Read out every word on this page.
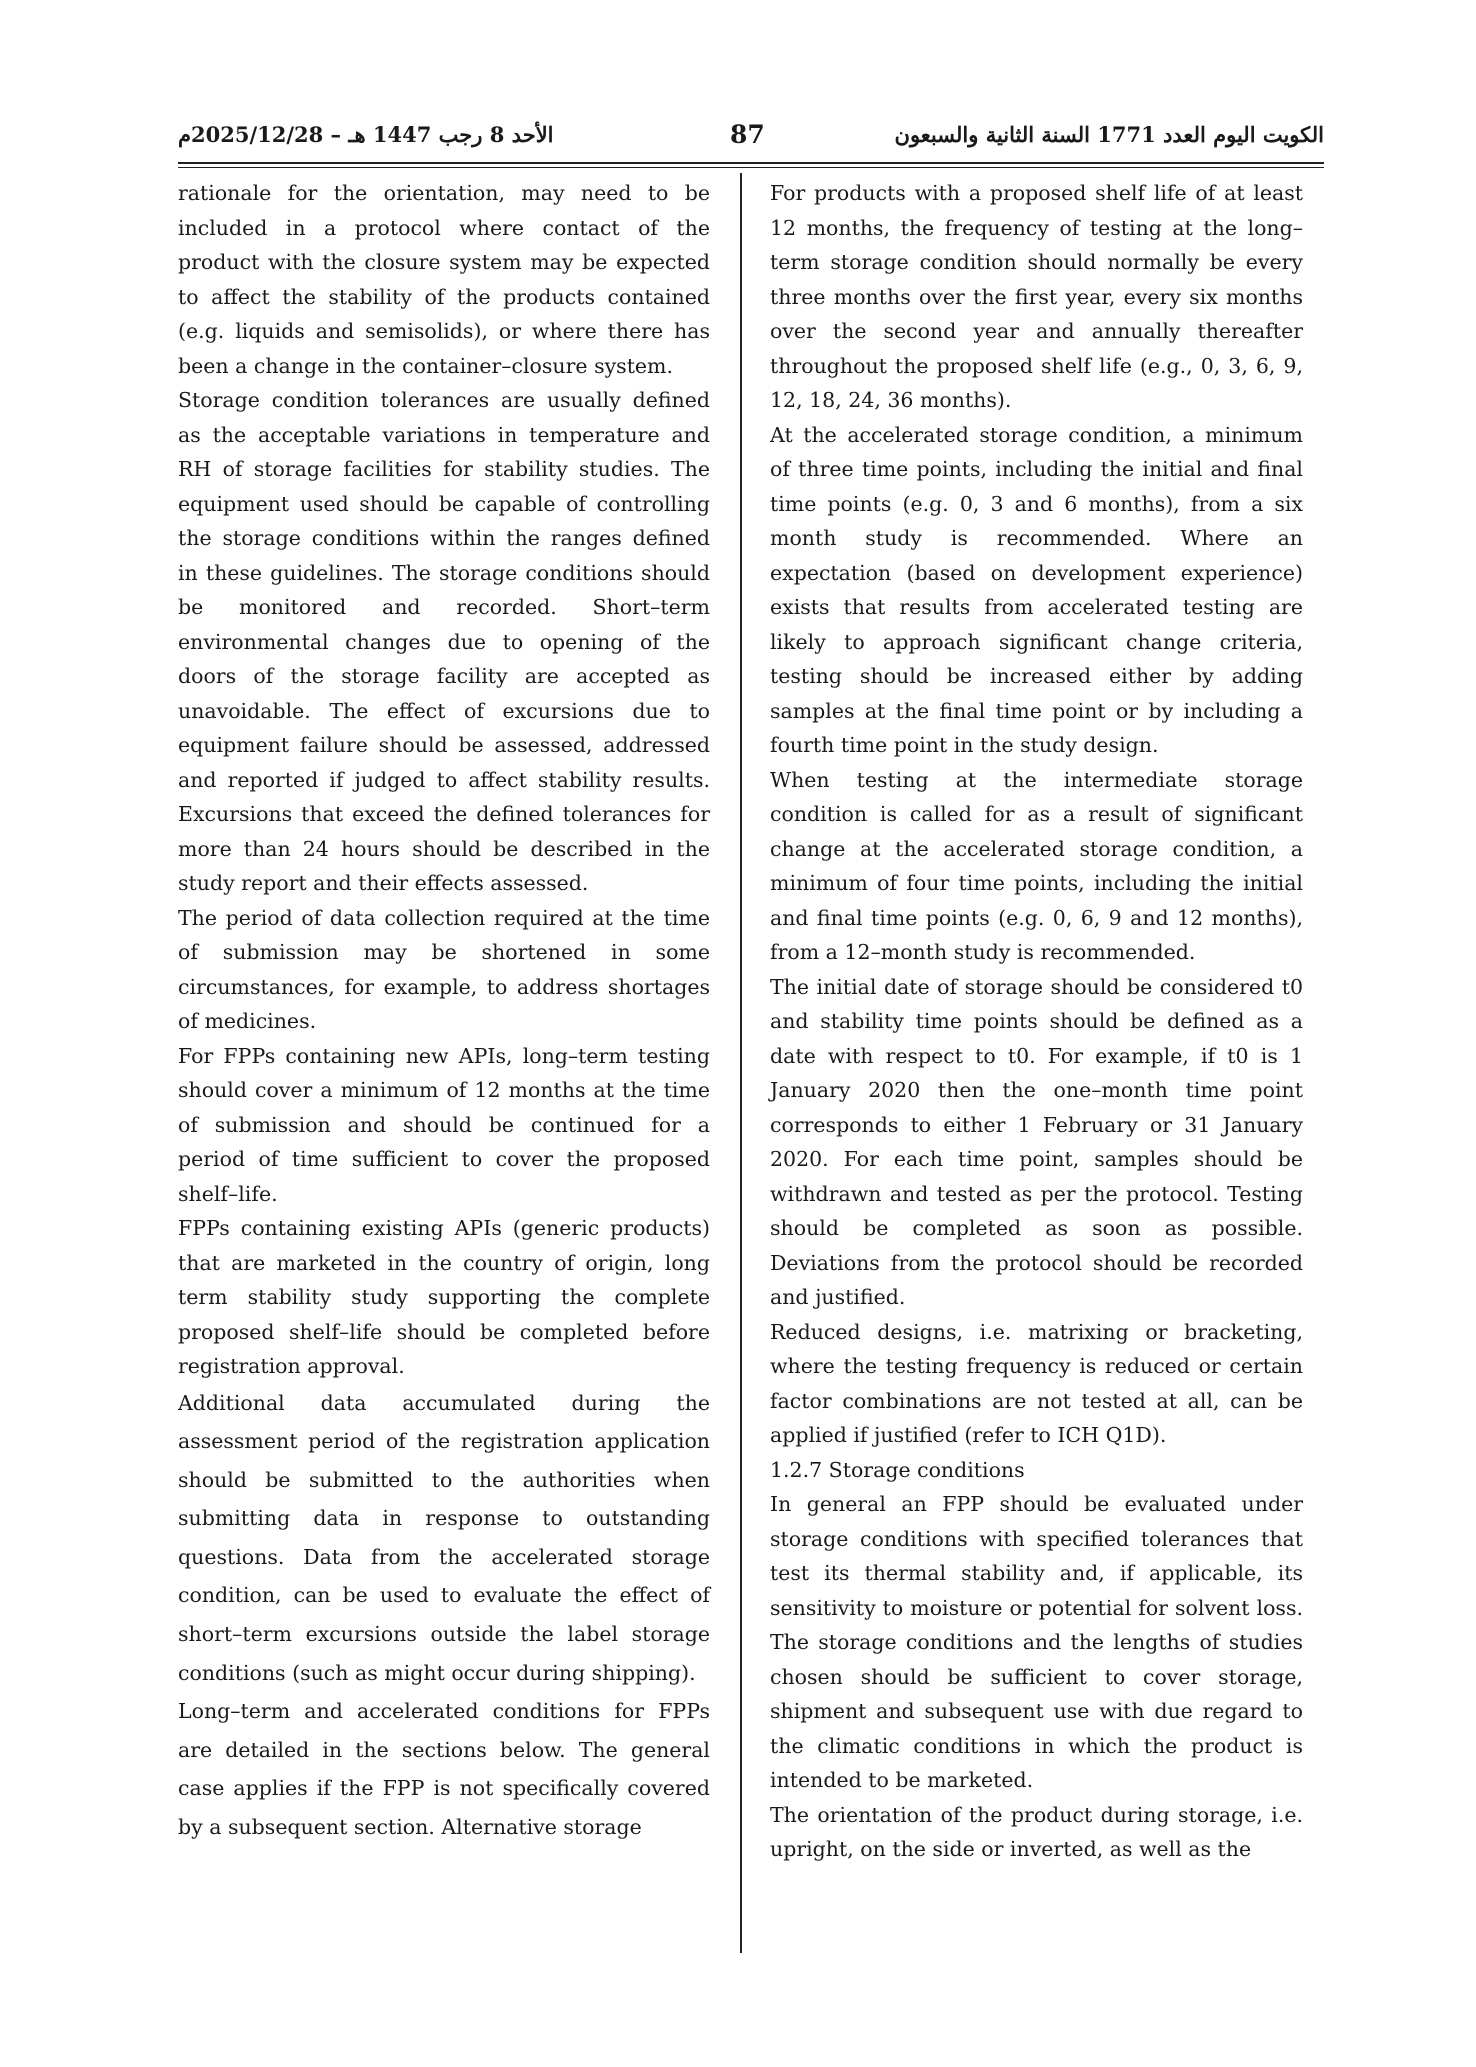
الأحد 8 رجب 1447 هـ – 2025/12/28م	87	الكويت اليوم العدد 1771 السنة الثانية والسبعون

rationale for the orientation, may need to be included in a protocol where contact of the product with the closure system may be expected to affect the stability of the products contained (e.g. liquids and semisolids), or where there has been a change in the container–closure system.

Storage condition tolerances are usually defined as the acceptable variations in temperature and RH of storage facilities for stability studies. The equipment used should be capable of controlling the storage conditions within the ranges defined in these guidelines. The storage conditions should be monitored and recorded. Short–term environmental changes due to opening of the doors of the storage facility are accepted as unavoidable. The effect of excursions due to equipment failure should be assessed, addressed and reported if judged to affect stability results. Excursions that exceed the defined tolerances for more than 24 hours should be described in the study report and their effects assessed.

The period of data collection required at the time of submission may be shortened in some circumstances, for example, to address shortages of medicines.

For FPPs containing new APIs, long–term testing should cover a minimum of 12 months at the time of submission and should be continued for a period of time sufficient to cover the proposed shelf–life.

FPPs containing existing APIs (generic products) that are marketed in the country of origin, long term stability study supporting the complete proposed shelf–life should be completed before registration approval.

Additional data accumulated during the assessment period of the registration application should be submitted to the authorities when submitting data in response to outstanding questions. Data from the accelerated storage condition, can be used to evaluate the effect of short–term excursions outside the label storage conditions (such as might occur during shipping).

Long–term and accelerated conditions for FPPs are detailed in the sections below. The general case applies if the FPP is not specifically covered by a subsequent section. Alternative storage

For products with a proposed shelf life of at least 12 months, the frequency of testing at the long–term storage condition should normally be every three months over the first year, every six months over the second year and annually thereafter throughout the proposed shelf life (e.g., 0, 3, 6, 9, 12, 18, 24, 36 months).

At the accelerated storage condition, a minimum of three time points, including the initial and final time points (e.g. 0, 3 and 6 months), from a six month study is recommended. Where an expectation (based on development experience) exists that results from accelerated testing are likely to approach significant change criteria, testing should be increased either by adding samples at the final time point or by including a fourth time point in the study design.

When testing at the intermediate storage condition is called for as a result of significant change at the accelerated storage condition, a minimum of four time points, including the initial and final time points (e.g. 0, 6, 9 and 12 months), from a 12–month study is recommended.

The initial date of storage should be considered t0 and stability time points should be defined as a date with respect to t0. For example, if t0 is 1 January 2020 then the one–month time point corresponds to either 1 February or 31 January 2020. For each time point, samples should be withdrawn and tested as per the protocol. Testing should be completed as soon as possible. Deviations from the protocol should be recorded and justified.

Reduced designs, i.e. matrixing or bracketing, where the testing frequency is reduced or certain factor combinations are not tested at all, can be applied if justified (refer to ICH Q1D).

1.2.7 Storage conditions

In general an FPP should be evaluated under storage conditions with specified tolerances that test its thermal stability and, if applicable, its sensitivity to moisture or potential for solvent loss. The storage conditions and the lengths of studies chosen should be sufficient to cover storage, shipment and subsequent use with due regard to the climatic conditions in which the product is intended to be marketed.

The orientation of the product during storage, i.e. upright, on the side or inverted, as well as the
